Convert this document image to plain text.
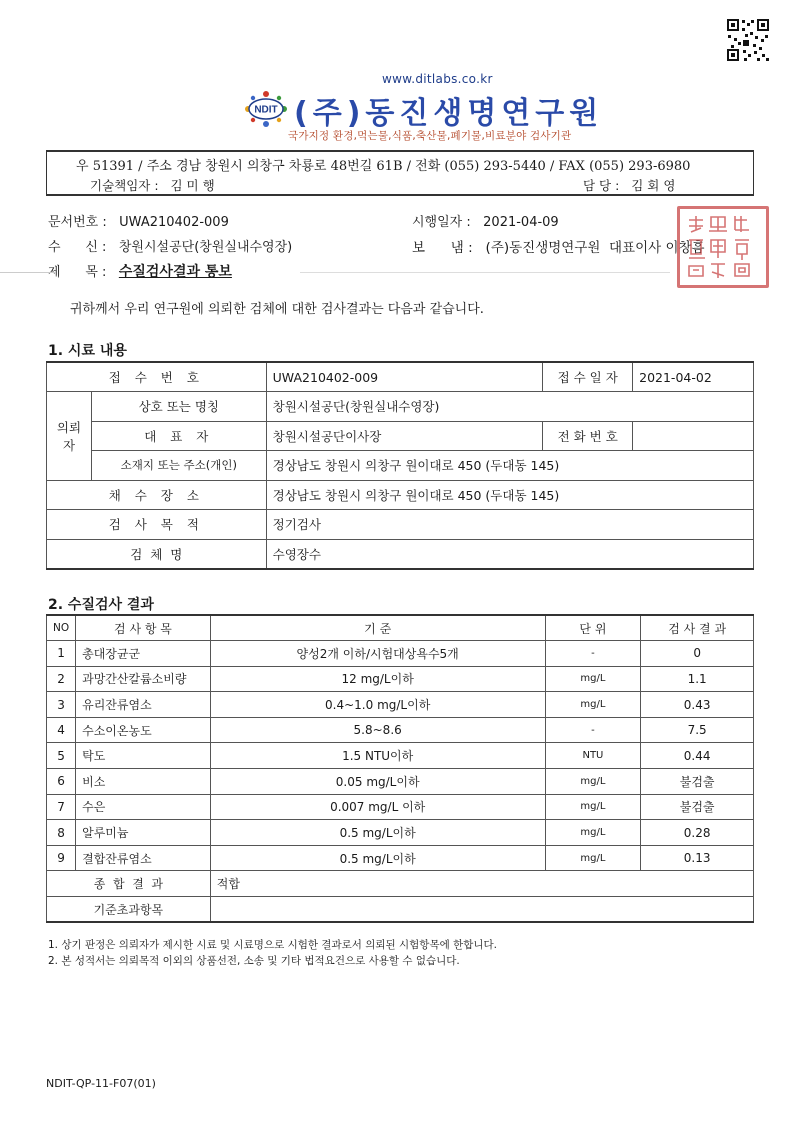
www.ditlabs.co.kr
NDIT (주)동진생명연구원
국가지정 환경,먹는물,식품,축산물,폐기물,비료분야 검사기관
우 51391 / 주소 경남 창원시 의창구 차룡로 48번길 61B / 전화 (055) 293-5440 / FAX (055) 293-6980
기술책임자 : 김 미 행	담 당 : 김 회 영
문서번호 : UWA210402-009	시행일자 : 2021-04-09
수      신 : 창원시설공단(창원실내수영장)	보      냄 : (주)동진생명연구원  대표이사 이창흠
제      목 : 수질검사결과 통보
귀하께서 우리 연구원에 의뢰한 검체에 대한 검사결과는 다음과 같습니다.
1. 시료 내용
접 수 번 호		UWA210402-009	접 수 일 자	2021-04-02
의뢰자	상호 또는 명칭	창원시설공단(창원실내수영장)		
	대 표 자	창원시설공단이사장	전 화 번 호	
	소재지 또는 주소(개인)	경상남도 창원시 의창구 원이대로 450 (두대동 145)		
채 수 장 소		경상남도 창원시 의창구 원이대로 450 (두대동 145)		
검 사 목 적		정기검사		
검  체  명		수영장수		
2. 수질검사 결과
NO	검 사 항 목	기 준	단 위	검 사 결 과
1	총대장균군	양성2개 이하/시험대상욕수5개	-	0
2	과망간산칼륨소비량	12 mg/L이하	mg/L	1.1
3	유리잔류염소	0.4~1.0 mg/L이하	mg/L	0.43
4	수소이온농도	5.8~8.6	-	7.5
5	탁도	1.5 NTU이하	NTU	0.44
6	비소	0.05 mg/L이하	mg/L	불검출
7	수은	0.007 mg/L 이하	mg/L	불검출
8	알루미늄	0.5 mg/L이하	mg/L	0.28
9	결합잔류염소	0.5 mg/L이하	mg/L	0.13
종  합  결  과		적합		
기준초과항목				
1. 상기 판정은 의뢰자가 제시한 시료 및 시료명으로 시험한 결과로서 의뢰된 시험항목에 한합니다.
2. 본 성적서는 의뢰목적 이외의 상품선전, 소송 및 기타 법적요건으로 사용할 수 없습니다.
NDIT-QP-11-F07(01)
